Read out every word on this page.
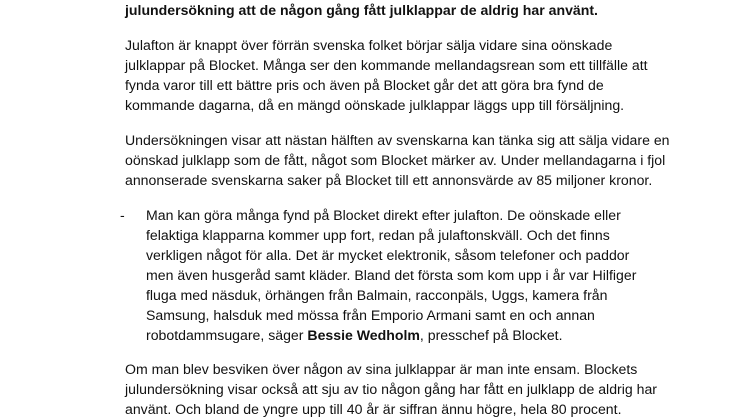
julundersökning att de någon gång fått julklappar de aldrig har använt.
Julafton är knappt över förrän svenska folket börjar sälja vidare sina oönskade
julklappar på Blocket. Många ser den kommande mellandagsrean som ett tillfälle att
fynda varor till ett bättre pris och även på Blocket går det att göra bra fynd de
kommande dagarna, då en mängd oönskade julklappar läggs upp till försäljning.
Undersökningen visar att nästan hälften av svenskarna kan tänka sig att sälja vidare en
oönskad julklapp som de fått, något som Blocket märker av. Under mellandagarna i fjol
annonserade svenskarna saker på Blocket till ett annonsvärde av 85 miljoner kronor.
- Man kan göra många fynd på Blocket direkt efter julafton. De oönskade eller
felaktiga klapparna kommer upp fort, redan på julaftonskväll. Och det finns
verkligen något för alla. Det är mycket elektronik, såsom telefoner och paddor
men även husgeråd samt kläder. Bland det första som kom upp i år var Hilfiger
fluga med näsduk, örhängen från Balmain, racconpäls, Uggs, kamera från
Samsung, halsduk med mössa från Emporio Armani samt en och annan
robotdammsugare, säger Bessie Wedholm, presschef på Blocket.
Om man blev besviken över någon av sina julklappar är man inte ensam. Blockets
julundersökning visar också att sju av tio någon gång har fått en julklapp de aldrig har
använt. Och bland de yngre upp till 40 år är siffran ännu högre, hela 80 procent.
